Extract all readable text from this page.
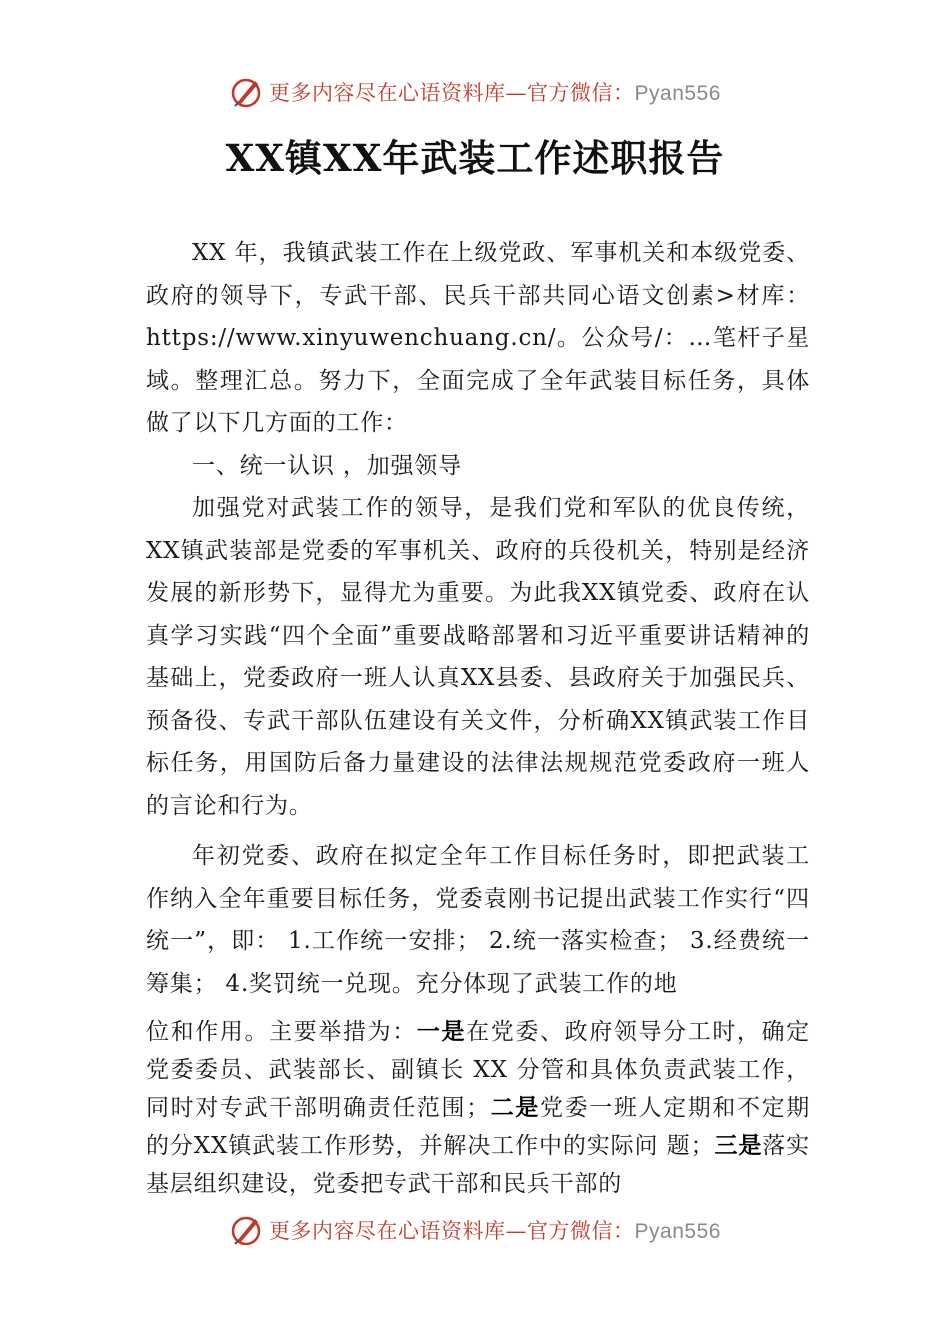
更多内容尽在心语资料库—官方微信：Pyan556
XX镇XX年武装工作述职报告

XX 年，我镇武装工作在上级党政、军事机关和本级党委、政府的领导下，专武干部、民兵干部共同心语文创素>材库：https://www.xinyuwenchuang.cn/。公众号/：…笔杆子星域。整理汇总。努力下，全面完成了全年武装目标任务，具体做了以下几方面的工作：

一、统一认识 ，加强领导

加强党对武装工作的领导，是我们党和军队的优良传统，XX镇武装部是党委的军事机关、政府的兵役机关，特别是经济发展的新形势下，显得尤为重要。为此我XX镇党委、政府在认真学习实践“四个全面”重要战略部署和习近平重要讲话精神的基础上，党委政府一班人认真XX县委、县政府关于加强民兵、预备役、专武干部队伍建设有关文件，分析确XX镇武装工作目标任务，用国防后备力量建设的法律法规规范党委政府一班人的言论和行为。

年初党委、政府在拟定全年工作目标任务时，即把武装工作纳入全年重要目标任务，党委袁刚书记提出武装工作实行“四统一”，即： 1.工作统一安排； 2.统一落实检查； 3.经费统一筹集； 4.奖罚统一兑现。充分体现了武装工作的地

位和作用。主要举措为：一是在党委、政府领导分工时，确定党委委员、武装部长、副镇长 XX 分管和具体负责武装工作，同时对专武干部明确责任范围；二是党委一班人定期和不定期的分XX镇武装工作形势，并解决工作中的实际问 题；三是落实基层组织建设，党委把专武干部和民兵干部的

更多内容尽在心语资料库—官方微信：Pyan556
